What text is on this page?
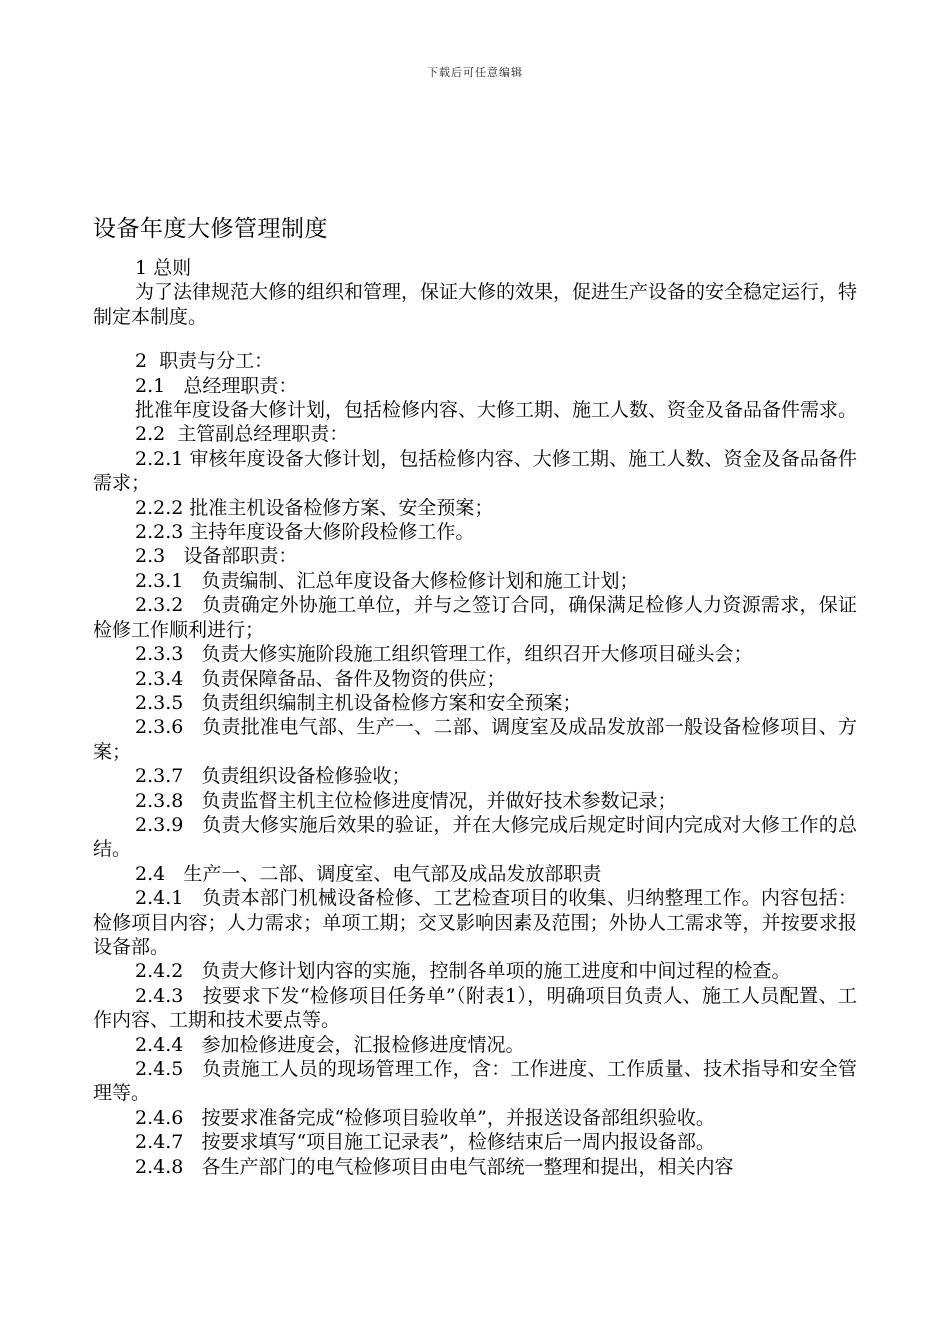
下载后可任意编辑
设备年度大修管理制度

1 总则

为了法律规范大修的组织和管理，保证大修的效果，促进生产设备的安全稳定运行，特制定本制度。

2  职责与分工：

2.1   总经理职责：

批准年度设备大修计划，包括检修内容、大修工期、施工人数、资金及备品备件需求。

2.2  主管副总经理职责：

2.2.1 审核年度设备大修计划，包括检修内容、大修工期、施工人数、资金及备品备件需求；

2.2.2 批准主机设备检修方案、安全预案；

2.2.3 主持年度设备大修阶段检修工作。

2.3   设备部职责：

2.3.1   负责编制、汇总年度设备大修检修计划和施工计划；

2.3.2   负责确定外协施工单位，并与之签订合同，确保满足检修人力资源需求，保证检修工作顺利进行；

2.3.3   负责大修实施阶段施工组织管理工作，组织召开大修项目碰头会；

2.3.4   负责保障备品、备件及物资的供应；

2.3.5   负责组织编制主机设备检修方案和安全预案；

2.3.6   负责批准电气部、生产一、二部、调度室及成品发放部一般设备检修项目、方案；

2.3.7   负责组织设备检修验收；

2.3.8   负责监督主机主位检修进度情况，并做好技术参数记录；

2.3.9   负责大修实施后效果的验证，并在大修完成后规定时间内完成对大修工作的总结。

2.4   生产一、二部、调度室、电气部及成品发放部职责

2.4.1   负责本部门机械设备检修、工艺检查项目的收集、归纳整理工作。内容包括：检修项目内容；人力需求；单项工期；交叉影响因素及范围；外协人工需求等，并按要求报设备部。

2.4.2   负责大修计划内容的实施，控制各单项的施工进度和中间过程的检查。

2.4.3   按要求下发“检修项目任务单”（附表1），明确项目负责人、施工人员配置、工作内容、工期和技术要点等。

2.4.4   参加检修进度会，汇报检修进度情况。

2.4.5   负责施工人员的现场管理工作，含：工作进度、工作质量、技术指导和安全管理等。

2.4.6   按要求准备完成“检修项目验收单”，并报送设备部组织验收。

2.4.7   按要求填写“项目施工记录表”，检修结束后一周内报设备部。

2.4.8   各生产部门的电气检修项目由电气部统一整理和提出，相关内容
